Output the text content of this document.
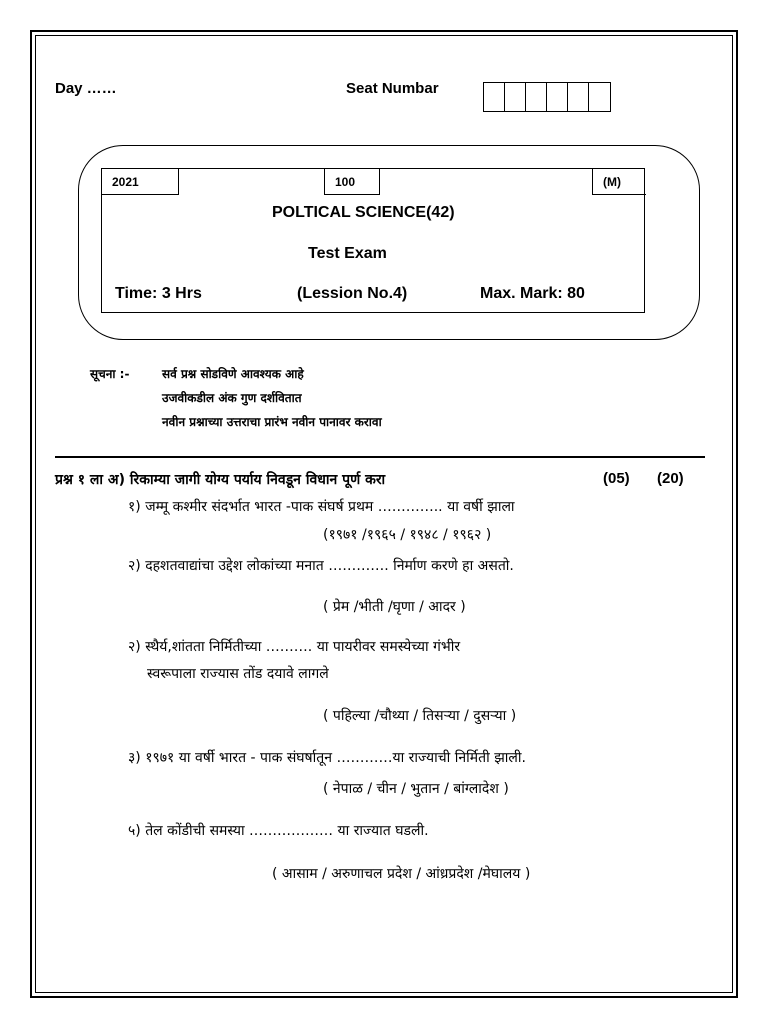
Day ……	Seat Numbar
2021	100	(M)
POLTICAL SCIENCE(42)
Test Exam
Time: 3 Hrs	(Lession No.4)	Max. Mark: 80
सूचना :-	सर्व प्रश्न सोडविणे आवश्यक आहे
उजवीकडील अंक गुण दर्शवितात
नवीन प्रश्नाच्या उत्तराचा प्रारंभ नवीन पानावर करावा
प्रश्न १ ला अ) रिकाम्या जागी योग्य पर्याय निवडून विधान पूर्ण करा	(05) (20)
१) जम्मू कश्मीर संदर्भात भारत -पाक संघर्ष प्रथम ………….. या वर्षी झाला
(१९७१ /१९६५ / १९४८ / १९६२ )
२) दहशतवाद्यांचा उद्देश लोकांच्या मनात …………. निर्माण करणे हा असतो.
( प्रेम /भीती /घृणा / आदर )
२) स्थैर्य,शांतता निर्मितीच्या ………. या पायरीवर समस्येच्या गंभीर
स्वरूपाला राज्यास तोंड दयावे लागले
( पहिल्या /चौथ्या / तिसऱ्या / दुसऱ्या )
३) १९७१ या वर्षी भारत - पाक संघर्षातून …………या राज्याची निर्मिती झाली.
( नेपाळ / चीन / भुतान / बांग्लादेश )
५) तेल कोंडीची समस्या ……………… या राज्यात घडली.
( आसाम / अरुणाचल प्रदेश / आंध्रप्रदेश /मेघालय )
